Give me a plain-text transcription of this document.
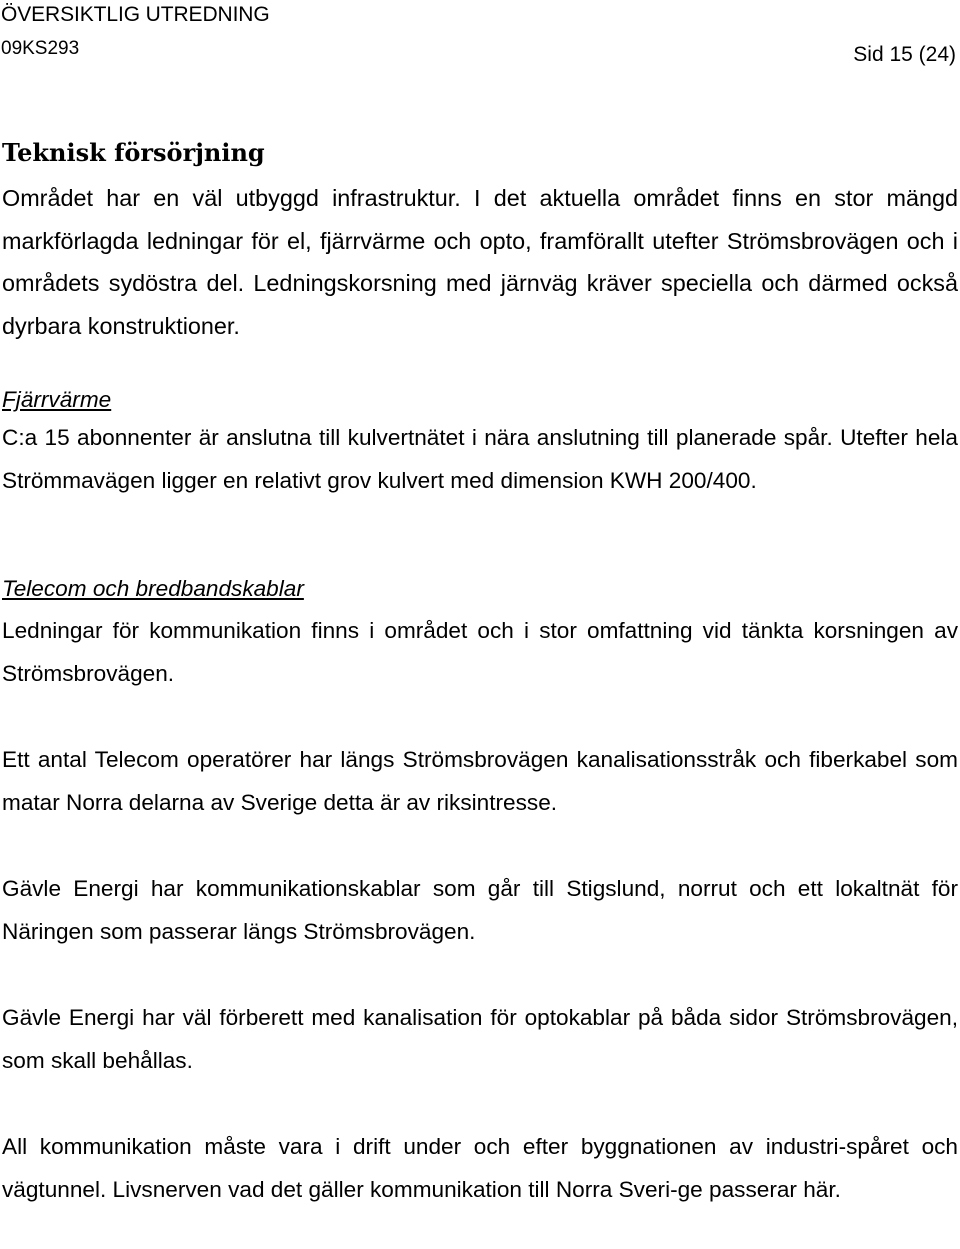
ÖVERSIKTLIG UTREDNING
09KS293	Sid 15 (24)
Teknisk försörjning

Området har en väl utbyggd infrastruktur. I det aktuella området finns en stor mängd markförlagda ledningar för el, fjärrvärme och opto, framförallt utefter Strömsbrovägen och i områdets sydöstra del. Ledningskorsning med järnväg kräver speciella och därmed också dyrbara konstruktioner.

Fjärrvärme

C:a 15 abonnenter är anslutna till kulvertnätet i nära anslutning till planerade spår. Utefter hela Strömmavägen ligger en relativt grov kulvert med dimension KWH 200/400.

Telecom och bredbandskablar

Ledningar för kommunikation finns i området och i stor omfattning vid tänkta korsningen av Strömsbrovägen.

Ett antal Telecom operatörer har längs Strömsbrovägen kanalisationsstråk och fiberkabel som matar Norra delarna av Sverige detta är av riksintresse.

Gävle Energi har kommunikationskablar som går till Stigslund, norrut och ett lokaltnät för Näringen som passerar längs Strömsbrovägen.

Gävle Energi har väl förberett med kanalisation för optokablar på båda sidor Strömsbrovägen, som skall behållas.

All kommunikation måste vara i drift under och efter byggnationen av industri-spåret och vägtunnel. Livsnerven vad det gäller kommunikation till Norra Sveri-ge passerar här.
